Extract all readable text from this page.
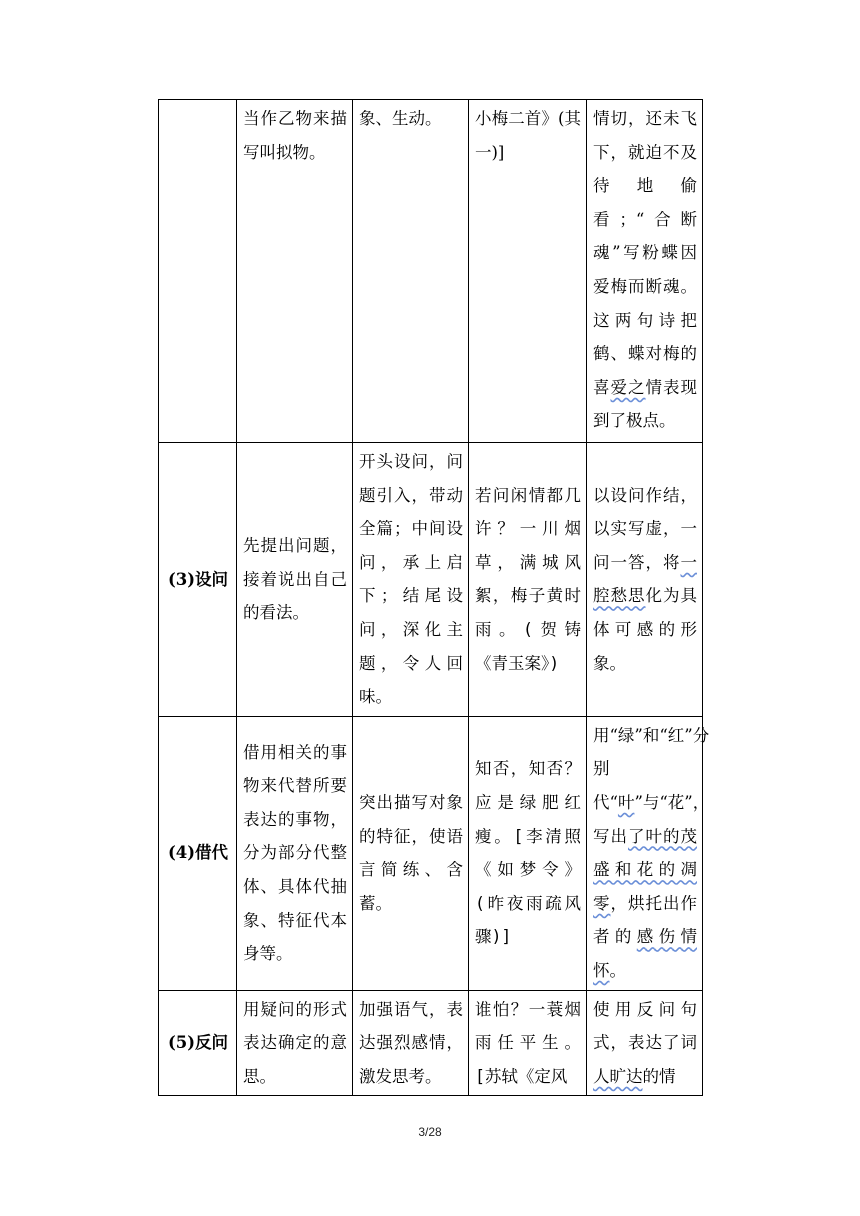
	当作乙物来描写叫拟物。	象、生动。	小梅二首》(其一)]	情切，还未飞下，就迫不及待地偷看；“合断魂”写粉蝶因爱梅而断魂。这两句诗把鹤、蝶对梅的喜爱之情表现到了极点。
(3)设问	先提出问题，接着说出自己的看法。	开头设问，问题引入，带动全篇；中间设问，承上启下；结尾设问，深化主题，令人回味。	若问闲情都几许？一川烟草，满城风絮，梅子黄时雨。(贺铸《青玉案》)	以设问作结，以实写虚，一问一答，将一腔愁思化为具体可感的形象。
(4)借代	借用相关的事物来代替所要表达的事物，分为部分代整体、具体代抽象、特征代本身等。	突出描写对象的特征，使语言简练、含蓄。	知否，知否？应是绿肥红瘦。[李清照《如梦令》(昨夜雨疏风骤)]	用“绿”和“红”分别代“叶”与“花”，写出了叶的茂盛和花的凋零，烘托出作者的感伤情怀。
(5)反问	用疑问的形式表达确定的意思。	加强语气，表达强烈感情，激发思考。	谁怕？一蓑烟雨任平生。[苏轼《定风	使用反问句式，表达了词人旷达的情
3/28
